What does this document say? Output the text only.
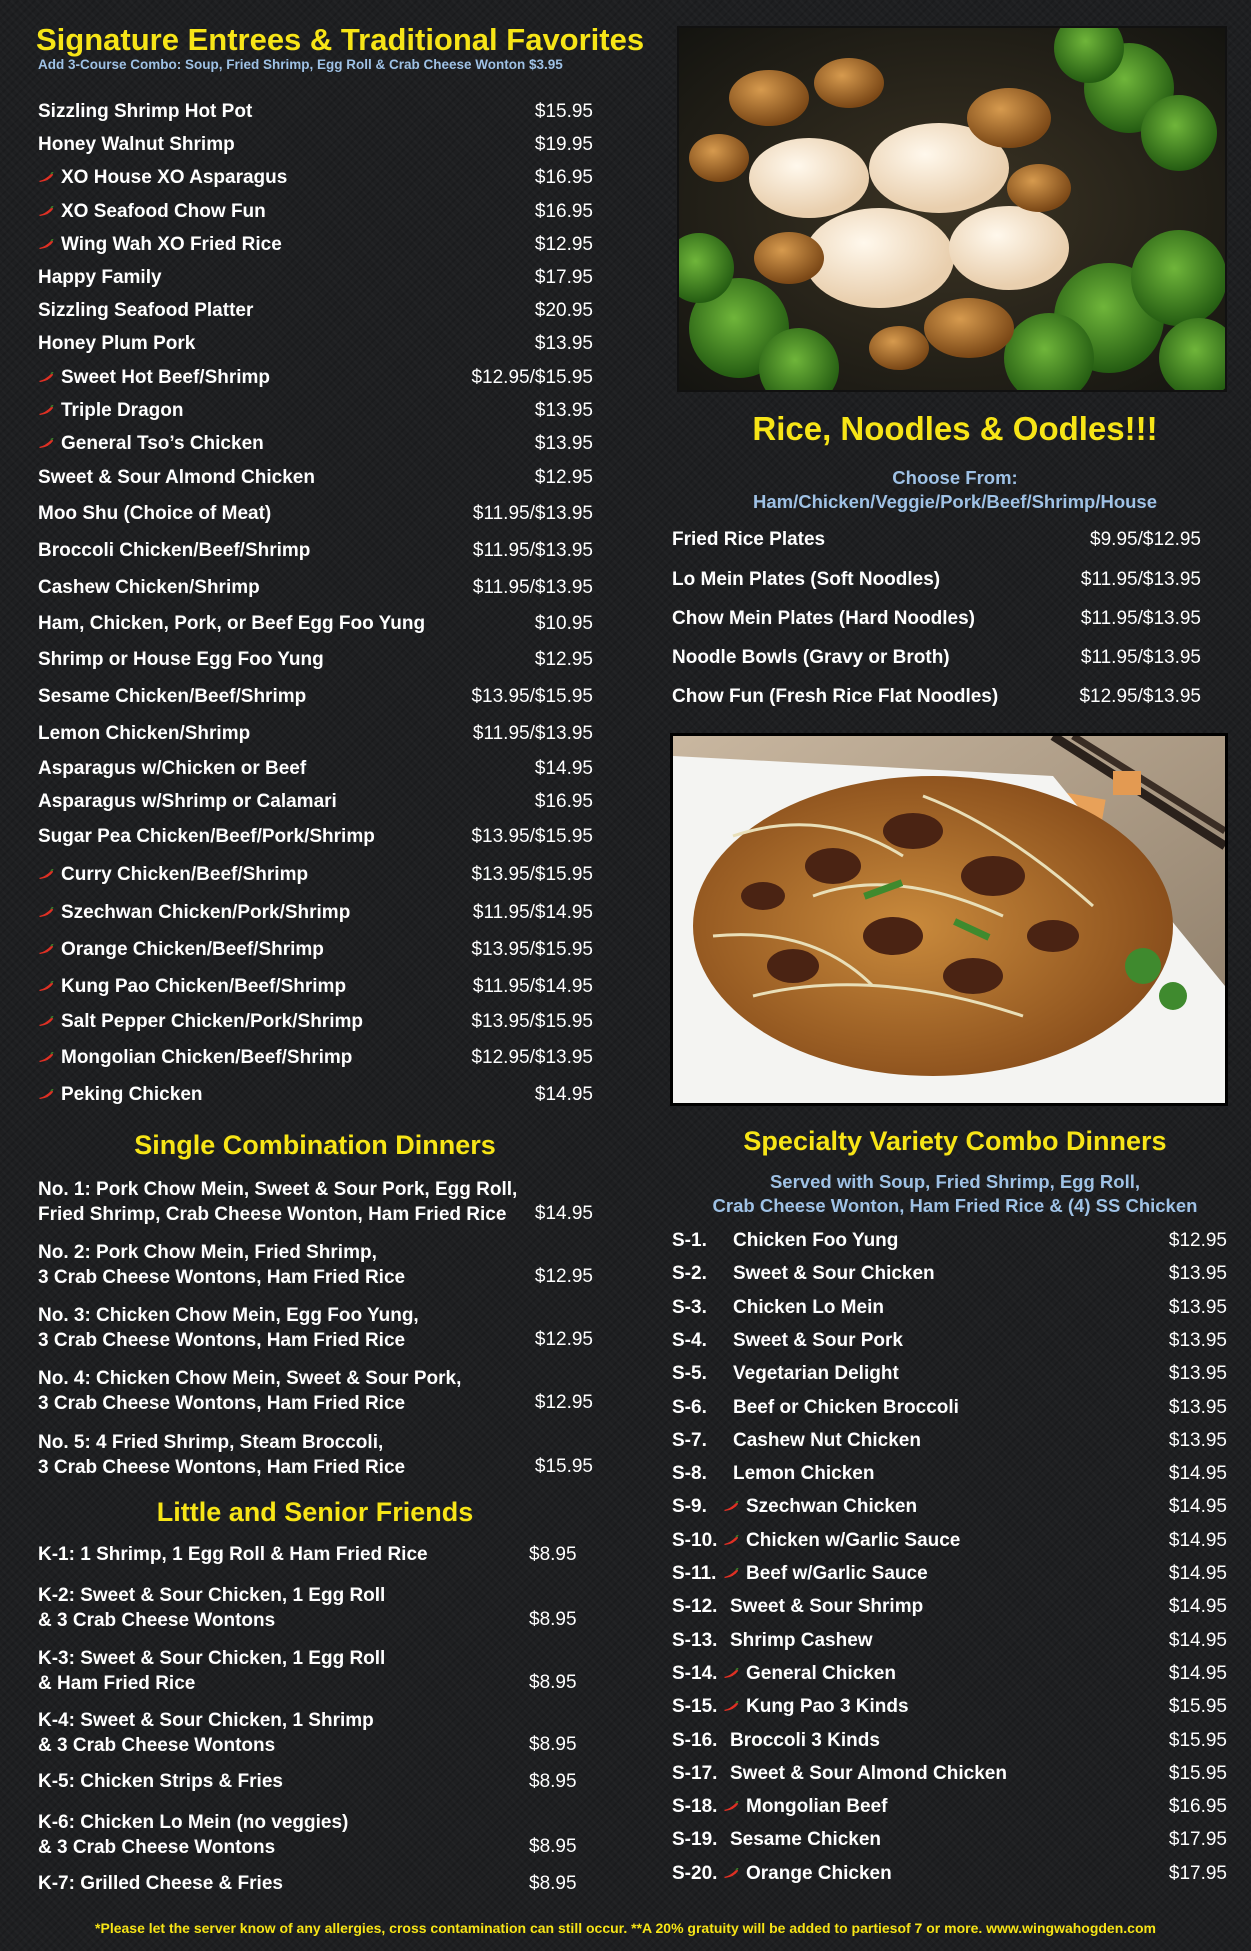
Signature Entrees & Traditional Favorites
Add 3-Course Combo: Soup, Fried Shrimp, Egg Roll & Crab Cheese Wonton $3.95
Sizzling Shrimp Hot Pot	$15.95
Honey Walnut Shrimp	$19.95
XO House XO Asparagus	$16.95
XO Seafood Chow Fun	$16.95
Wing Wah XO Fried Rice	$12.95
Happy Family	$17.95
Sizzling Seafood Platter	$20.95
Honey Plum Pork	$13.95
Sweet Hot Beef/Shrimp	$12.95/$15.95
Triple Dragon	$13.95
General Tso’s Chicken	$13.95
Sweet & Sour Almond Chicken	$12.95
Moo Shu (Choice of Meat)	$11.95/$13.95
Broccoli Chicken/Beef/Shrimp	$11.95/$13.95
Cashew Chicken/Shrimp	$11.95/$13.95
Ham, Chicken, Pork, or Beef Egg Foo Yung	$10.95
Shrimp or House Egg Foo Yung	$12.95
Sesame Chicken/Beef/Shrimp	$13.95/$15.95
Lemon Chicken/Shrimp	$11.95/$13.95
Asparagus w/Chicken or Beef	$14.95
Asparagus w/Shrimp or Calamari	$16.95
Sugar Pea Chicken/Beef/Pork/Shrimp	$13.95/$15.95
Curry Chicken/Beef/Shrimp	$13.95/$15.95
Szechwan Chicken/Pork/Shrimp	$11.95/$14.95
Orange Chicken/Beef/Shrimp	$13.95/$15.95
Kung Pao Chicken/Beef/Shrimp	$11.95/$14.95
Salt Pepper Chicken/Pork/Shrimp	$13.95/$15.95
Mongolian Chicken/Beef/Shrimp	$12.95/$13.95
Peking Chicken	$14.95
Single Combination Dinners
No. 1: Pork Chow Mein, Sweet & Sour Pork, Egg Roll,
Fried Shrimp, Crab Cheese Wonton, Ham Fried Rice	$14.95
No. 2: Pork Chow Mein, Fried Shrimp,
3 Crab Cheese Wontons, Ham Fried Rice	$12.95
No. 3: Chicken Chow Mein, Egg Foo Yung,
3 Crab Cheese Wontons, Ham Fried Rice	$12.95
No. 4: Chicken Chow Mein, Sweet & Sour Pork,
3 Crab Cheese Wontons, Ham Fried Rice	$12.95
No. 5: 4 Fried Shrimp, Steam Broccoli,
3 Crab Cheese Wontons, Ham Fried Rice	$15.95
Little and Senior Friends
K-1: 1 Shrimp, 1 Egg Roll & Ham Fried Rice	$8.95
K-2: Sweet & Sour Chicken, 1 Egg Roll
& 3 Crab Cheese Wontons	$8.95
K-3: Sweet & Sour Chicken, 1 Egg Roll
& Ham Fried Rice	$8.95
K-4: Sweet & Sour Chicken, 1 Shrimp
& 3 Crab Cheese Wontons	$8.95
K-5: Chicken Strips & Fries	$8.95
K-6: Chicken Lo Mein (no veggies)
& 3 Crab Cheese Wontons	$8.95
K-7: Grilled Cheese & Fries	$8.95
Rice, Noodles & Oodles!!!
Choose From:
Ham/Chicken/Veggie/Pork/Beef/Shrimp/House
Fried Rice Plates	$9.95/$12.95
Lo Mein Plates (Soft Noodles)	$11.95/$13.95
Chow Mein Plates (Hard Noodles)	$11.95/$13.95
Noodle Bowls (Gravy or Broth)	$11.95/$13.95
Chow Fun (Fresh Rice Flat Noodles)	$12.95/$13.95
Specialty Variety Combo Dinners
Served with Soup, Fried Shrimp, Egg Roll,
Crab Cheese Wonton, Ham Fried Rice & (4) SS Chicken
S-1. Chicken Foo Yung	$12.95
S-2. Sweet & Sour Chicken	$13.95
S-3. Chicken Lo Mein	$13.95
S-4. Sweet & Sour Pork	$13.95
S-5. Vegetarian Delight	$13.95
S-6. Beef or Chicken Broccoli	$13.95
S-7. Cashew Nut Chicken	$13.95
S-8. Lemon Chicken	$14.95
S-9.	Szechwan Chicken	$14.95
S-10.	Chicken w/Garlic Sauce	$14.95
S-11.	Beef w/Garlic Sauce	$14.95
S-12. Sweet & Sour Shrimp	$14.95
S-13. Shrimp Cashew	$14.95
S-14.	General Chicken	$14.95
S-15.	Kung Pao 3 Kinds	$15.95
S-16. Broccoli 3 Kinds	$15.95
S-17. Sweet & Sour Almond Chicken	$15.95
S-18.	Mongolian Beef	$16.95
S-19. Sesame Chicken	$17.95
S-20.	Orange Chicken	$17.95
*Please let the server know of any allergies, cross contamination can still occur. **A 20% gratuity will be added to partiesof 7 or more. www.wingwahogden.com
